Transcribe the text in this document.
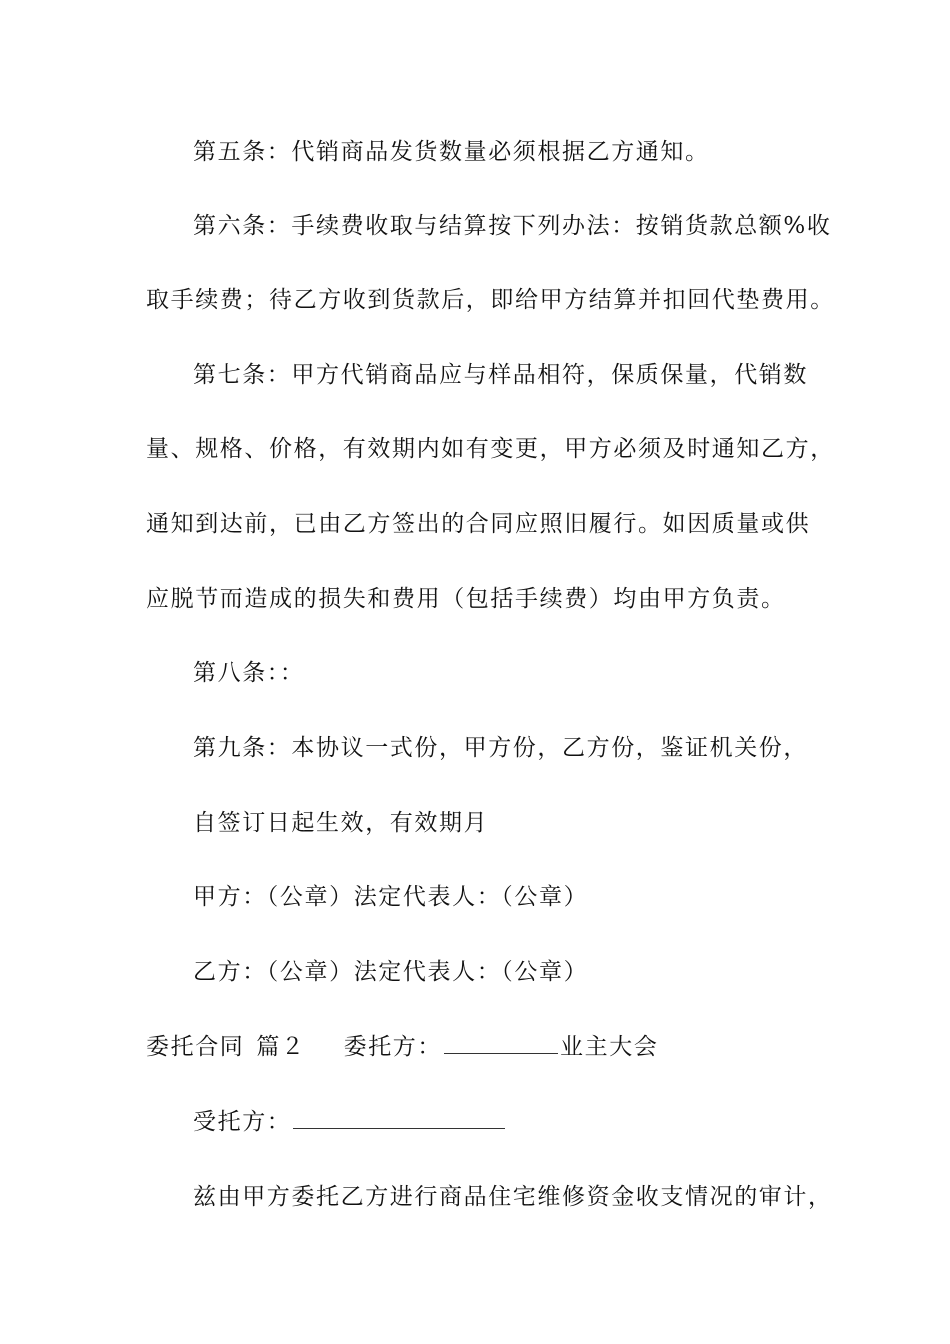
第五条：代销商品发货数量必须根据乙方通知。
第六条：手续费收取与结算按下列办法：按销货款总额%收
取手续费；待乙方收到货款后，即给甲方结算并扣回代垫费用。
第七条：甲方代销商品应与样品相符，保质保量，代销数
量、规格、价格，有效期内如有变更，甲方必须及时通知乙方，
通知到达前，已由乙方签出的合同应照旧履行。如因质量或供
应脱节而造成的损失和费用（包括手续费）均由甲方负责。
第八条：：
第九条：本协议一式份，甲方份，乙方份，鉴证机关份，
自签订日起生效，有效期月
甲方：（公章）法定代表人：（公章）
乙方：（公章）法定代表人：（公章）
委托合同 篇２ 委托方：	业主大会
受托方：
兹由甲方委托乙方进行商品住宅维修资金收支情况的审计，
